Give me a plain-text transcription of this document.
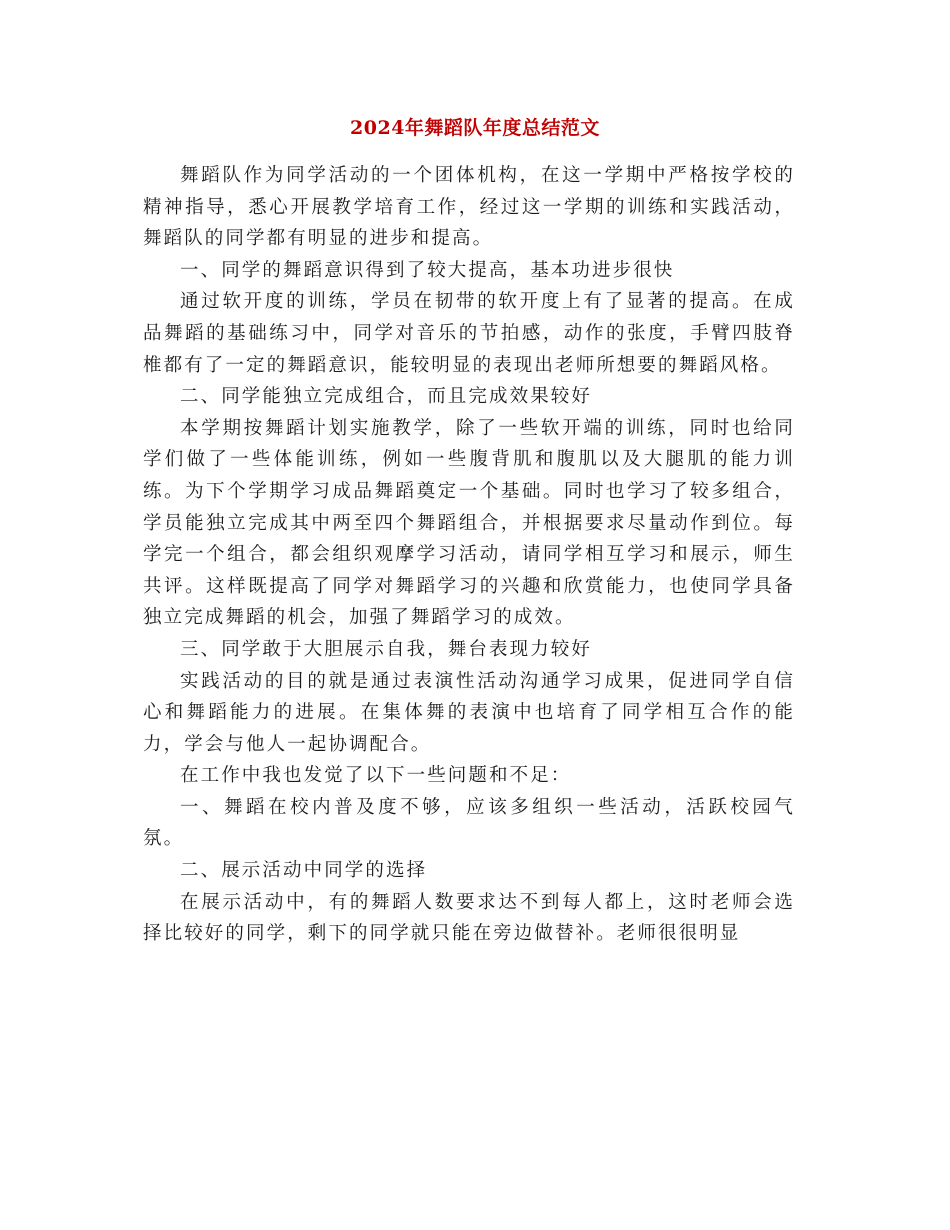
2024年舞蹈队年度总结范文

舞蹈队作为同学活动的一个团体机构，在这一学期中严格按学校的精神指导，悉心开展教学培育工作，经过这一学期的训练和实践活动，舞蹈队的同学都有明显的进步和提高。

一、同学的舞蹈意识得到了较大提高，基本功进步很快

通过软开度的训练，学员在韧带的软开度上有了显著的提高。在成品舞蹈的基础练习中，同学对音乐的节拍感，动作的张度，手臂四肢脊椎都有了一定的舞蹈意识，能较明显的表现出老师所想要的舞蹈风格。

二、同学能独立完成组合，而且完成效果较好

本学期按舞蹈计划实施教学，除了一些软开端的训练，同时也给同学们做了一些体能训练，例如一些腹背肌和腹肌以及大腿肌的能力训练。为下个学期学习成品舞蹈奠定一个基础。同时也学习了较多组合，学员能独立完成其中两至四个舞蹈组合，并根据要求尽量动作到位。每学完一个组合，都会组织观摩学习活动，请同学相互学习和展示，师生共评。这样既提高了同学对舞蹈学习的兴趣和欣赏能力，也使同学具备独立完成舞蹈的机会，加强了舞蹈学习的成效。

三、同学敢于大胆展示自我，舞台表现力较好

实践活动的目的就是通过表演性活动沟通学习成果，促进同学自信心和舞蹈能力的进展。在集体舞的表演中也培育了同学相互合作的能力，学会与他人一起协调配合。

在工作中我也发觉了以下一些问题和不足：

一、舞蹈在校内普及度不够，应该多组织一些活动，活跃校园气氛。

二、展示活动中同学的选择

在展示活动中，有的舞蹈人数要求达不到每人都上，这时老师会选择比较好的同学，剩下的同学就只能在旁边做替补。老师很很明显
